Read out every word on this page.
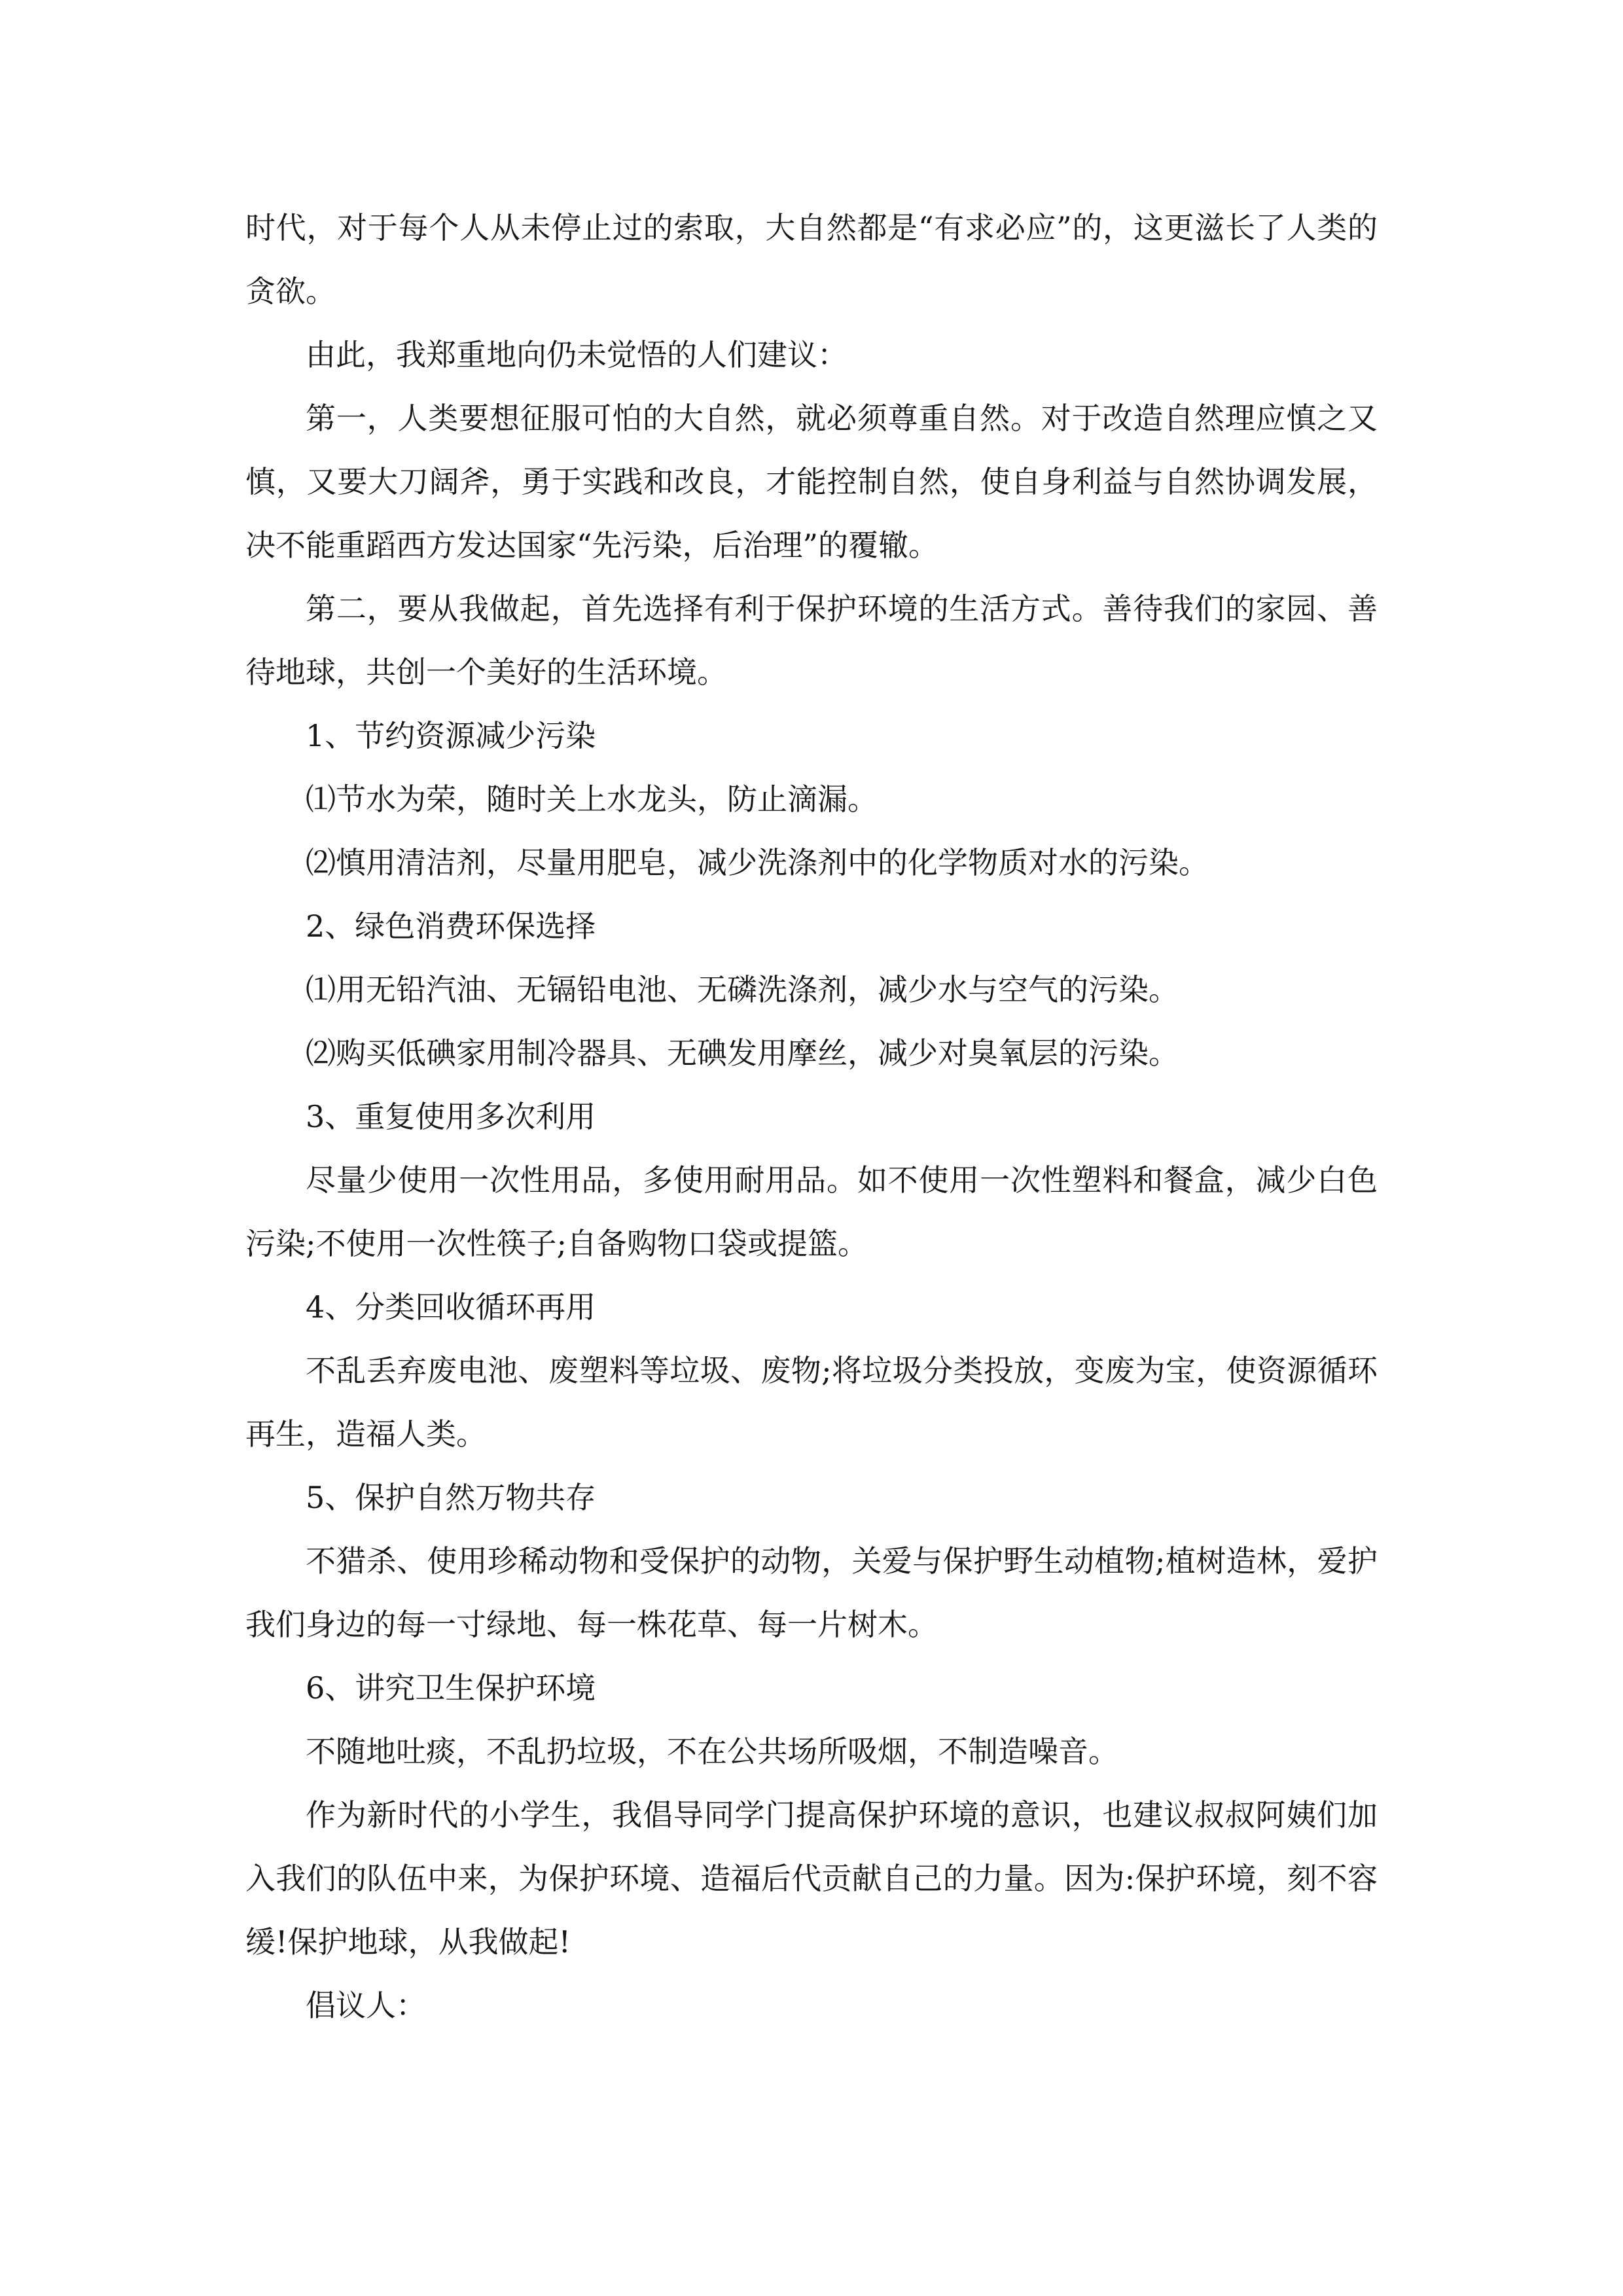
时代，对于每个人从未停止过的索取，大自然都是“有求必应”的，这更滋长了人类的贪欲。

由此，我郑重地向仍未觉悟的人们建议：

第一，人类要想征服可怕的大自然，就必须尊重自然。对于改造自然理应慎之又慎，又要大刀阔斧，勇于实践和改良，才能控制自然，使自身利益与自然协调发展，决不能重蹈西方发达国家“先污染，后治理”的覆辙。

第二，要从我做起，首先选择有利于保护环境的生活方式。善待我们的家园、善待地球，共创一个美好的生活环境。

1、节约资源减少污染

⑴节水为荣，随时关上水龙头，防止滴漏。

⑵慎用清洁剂，尽量用肥皂，减少洗涤剂中的化学物质对水的污染。

2、绿色消费环保选择

⑴用无铅汽油、无镉铅电池、无磷洗涤剂，减少水与空气的污染。

⑵购买低碘家用制冷器具、无碘发用摩丝，减少对臭氧层的污染。

3、重复使用多次利用

尽量少使用一次性用品，多使用耐用品。如不使用一次性塑料和餐盒，减少白色污染;不使用一次性筷子;自备购物口袋或提篮。

4、分类回收循环再用

不乱丢弃废电池、废塑料等垃圾、废物;将垃圾分类投放，变废为宝，使资源循环再生，造福人类。

5、保护自然万物共存

不猎杀、使用珍稀动物和受保护的动物，关爱与保护野生动植物;植树造林，爱护我们身边的每一寸绿地、每一株花草、每一片树木。

6、讲究卫生保护环境

不随地吐痰，不乱扔垃圾，不在公共场所吸烟，不制造噪音。

作为新时代的小学生，我倡导同学门提高保护环境的意识，也建议叔叔阿姨们加入我们的队伍中来，为保护环境、造福后代贡献自己的力量。因为:保护环境，刻不容缓!保护地球，从我做起!

倡议人：
